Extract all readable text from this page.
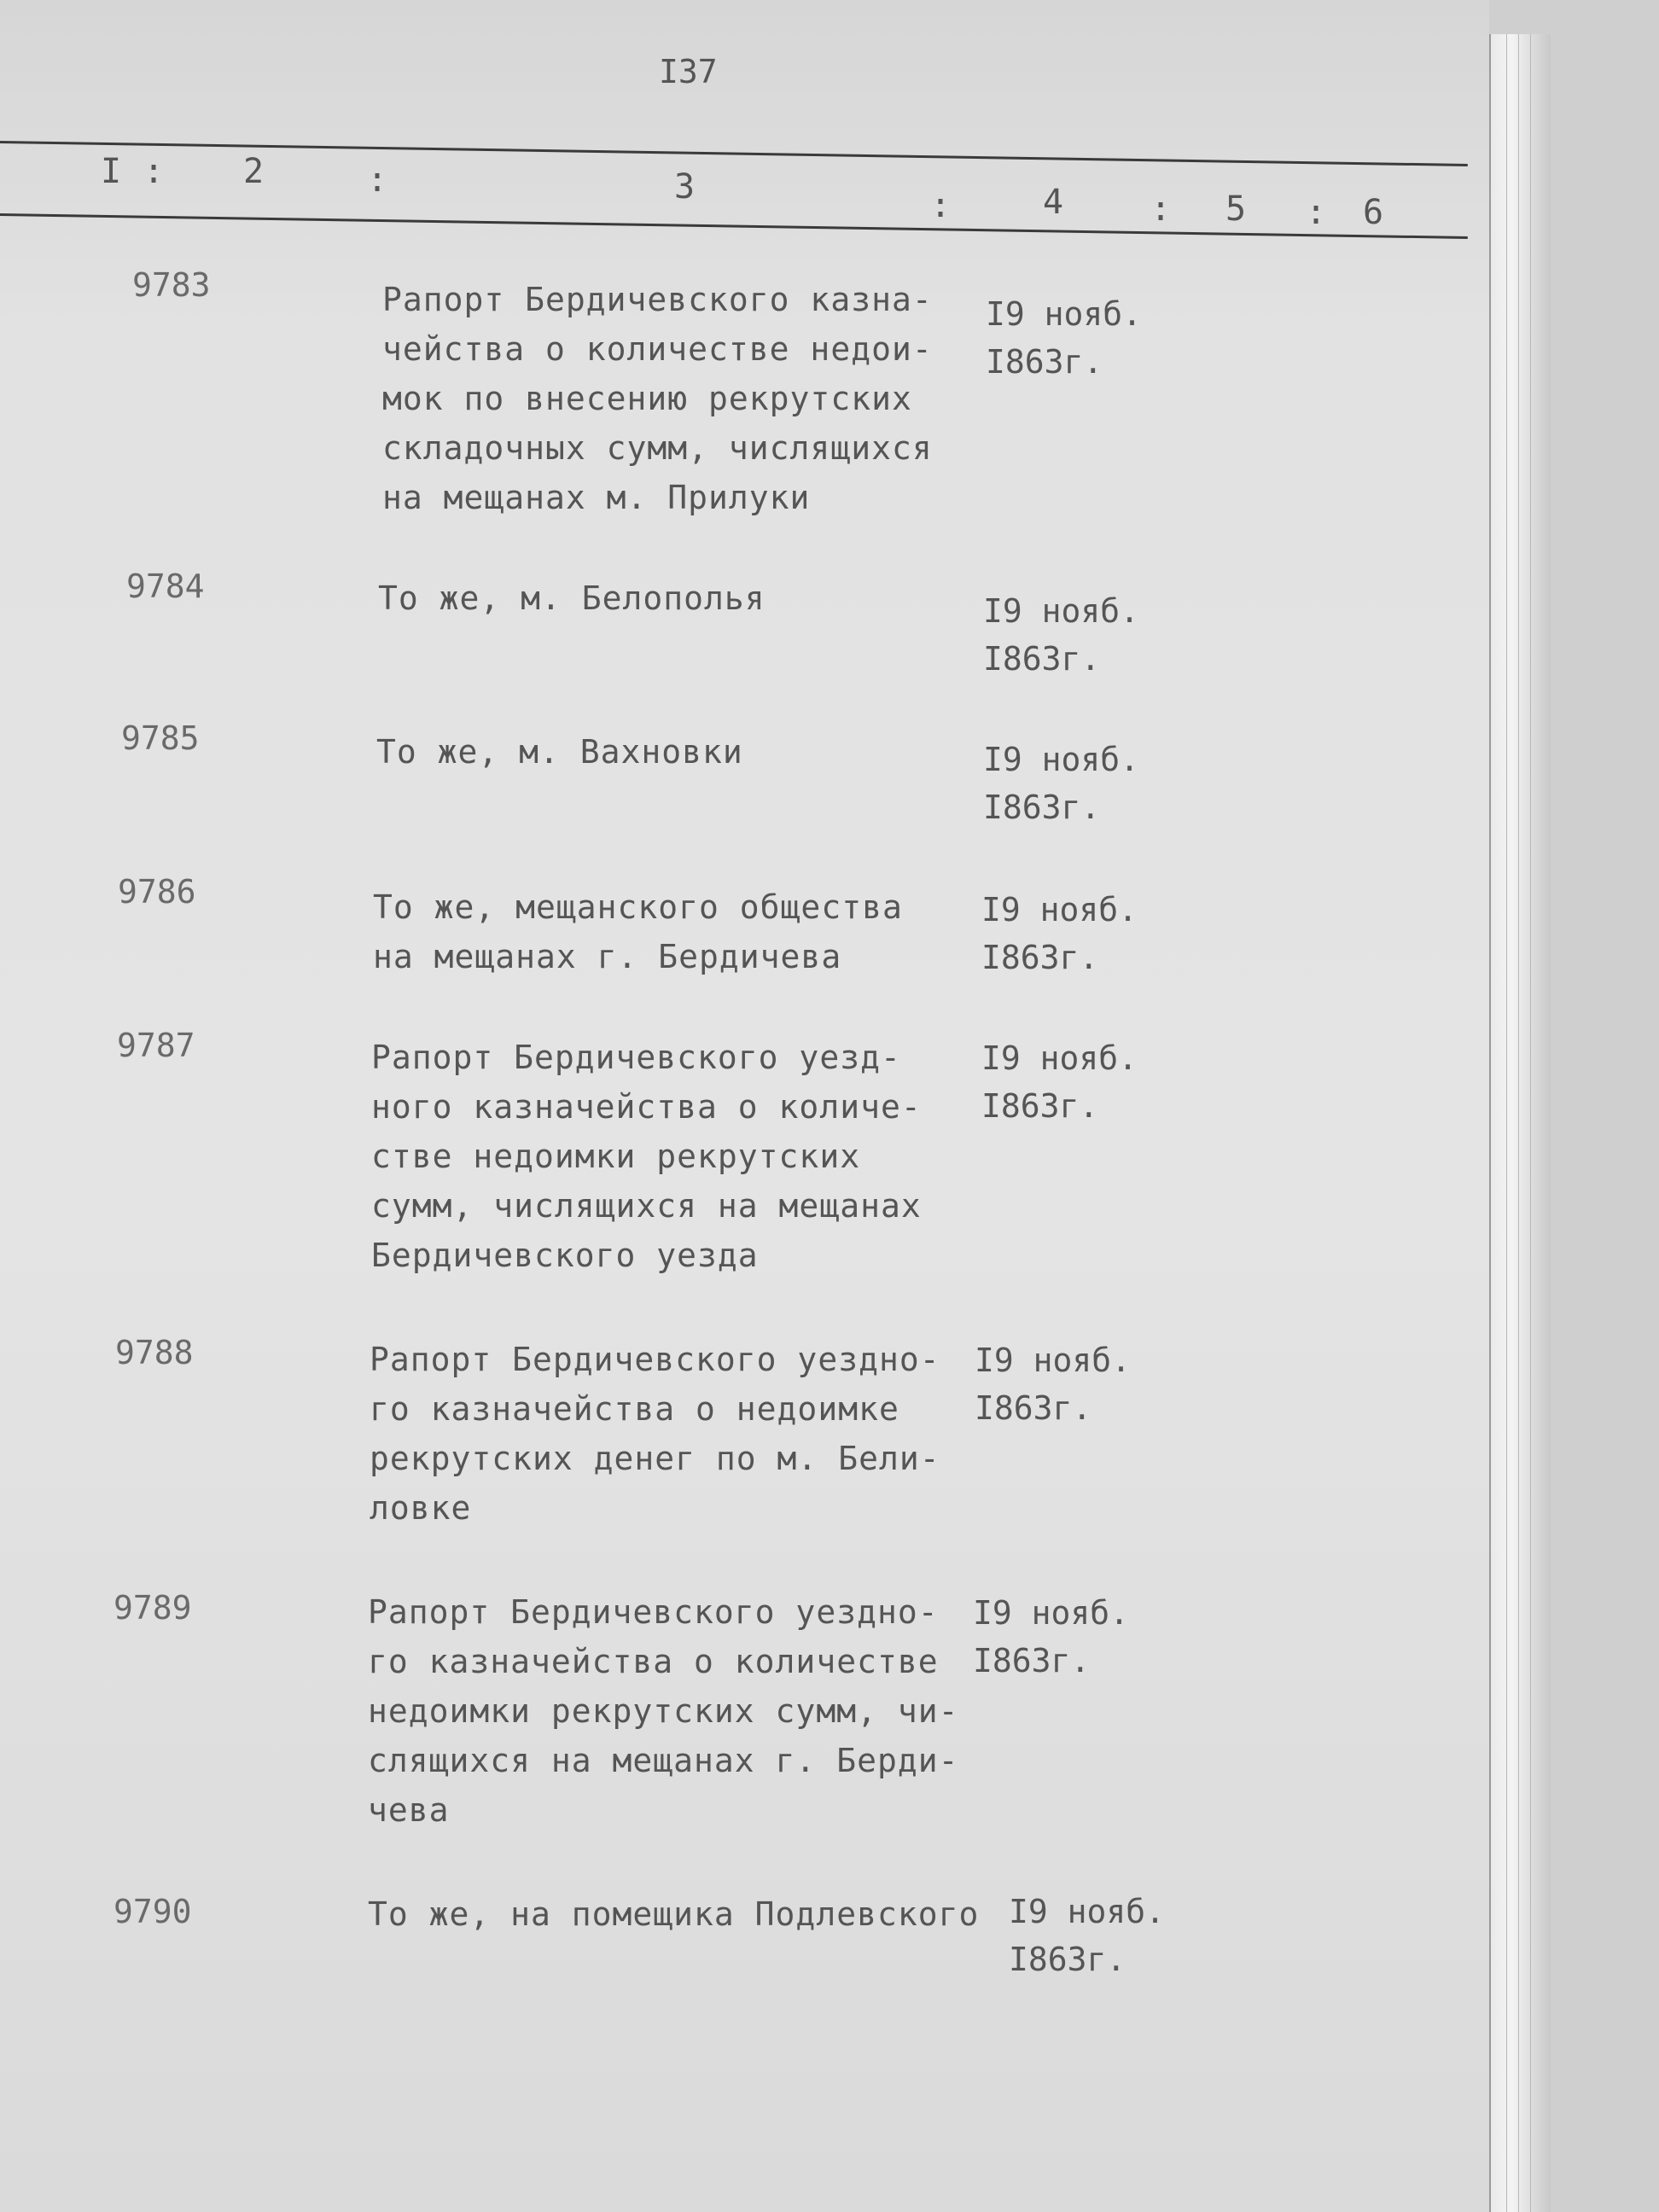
I37
I : 2	:	3	:	4	: 5 : 6
9783	Рапорт Бердичевского казна-
чейства о количестве недои-
мок по внесению рекрутских
складочных сумм, числящихся
на мещанах м. Прилуки
I9 нояб.
I863г.
9784	То же, м. Белополья	I9 нояб.
I863г.
9785	То же, м. Вахновки	I9 нояб.
I863г.
9786	То же, мещанского общества
на мещанах г. Бердичева
I9 нояб.
I863г.
9787	Рапорт Бердичевского уезд-
ного казначейства о количе-
стве недоимки рекрутских
сумм, числящихся на мещанах
Бердичевского уезда
I9 нояб.
I863г.
9788	Рапорт Бердичевского уездно-
го казначейства о недоимке
рекрутских денег по м. Бели-
ловке
I9 нояб.
I863г.
9789	Рапорт Бердичевского уездно-
го казначейства о количестве
недоимки рекрутских сумм, чи-
слящихся на мещанах г. Берди-
чева
I9 нояб.
I863г.
9790	То же, на помещика Подлевского I9 нояб.
I863г.
